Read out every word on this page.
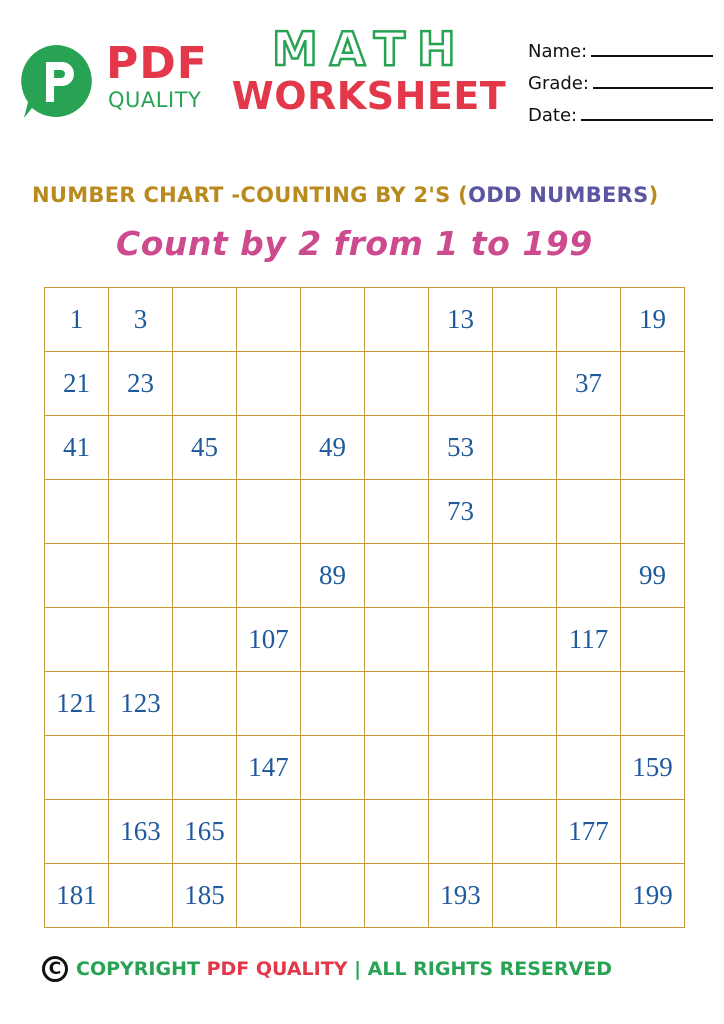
PDF
QUALITY
MATH
WORKSHEET
Name:
Grade:
Date:
NUMBER CHART -COUNTING BY 2'S (ODD NUMBERS)
Count by 2 from 1 to 199
1	3					13			19
21	23							37	
41		45		49		53			
						73			
				89					99
			107					117	
121	123								
			147						159
	163	165						177	
181		185				193			199
C COPYRIGHT
PDF QUALITY
| ALL RIGHTS RESERVED
